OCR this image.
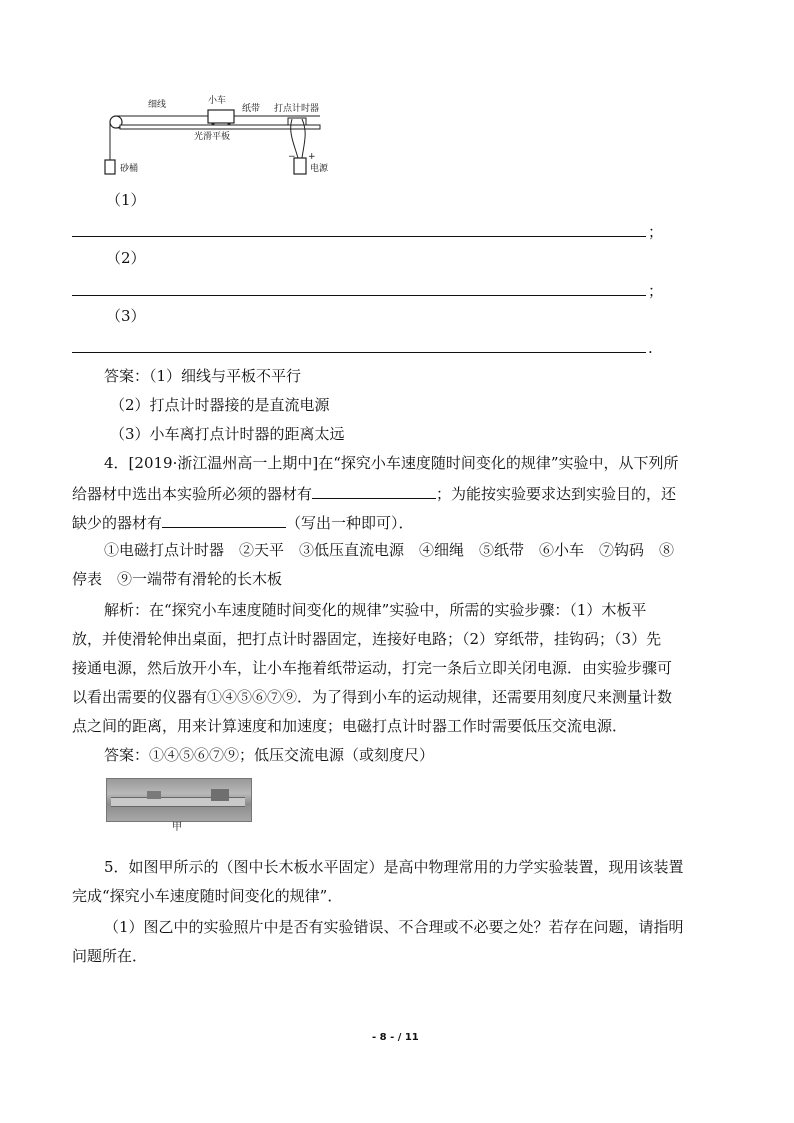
细线	小车
纸带 打点计时器
光滑平板
砂桶	电源
− +
（1）
；
（2）
；
（3）
.
答案：（1）细线与平板不平行
（2）打点计时器接的是直流电源
（3）小车离打点计时器的距离太远
4．[2019·浙江温州高一上期中]在“探究小车速度随时间变化的规律”实验中，从下列所
给器材中选出本实验所必须的器材有	；为能按实验要求达到实验目的，还
缺少的器材有	（写出一种即可）．
①电磁打点计时器　②天平　③低压直流电源　④细绳　⑤纸带　⑥小车　⑦钩码　⑧
停表　⑨一端带有滑轮的长木板
解析：在“探究小车速度随时间变化的规律”实验中，所需的实验步骤：（1）木板平
放，并使滑轮伸出桌面，把打点计时器固定，连接好电路；（2）穿纸带，挂钩码；（3）先
接通电源，然后放开小车，让小车拖着纸带运动，打完一条后立即关闭电源．由实验步骤可
以看出需要的仪器有①④⑤⑥⑦⑨．为了得到小车的运动规律，还需要用刻度尺来测量计数
点之间的距离，用来计算速度和加速度；电磁打点计时器工作时需要低压交流电源．
答案：①④⑤⑥⑦⑨；低压交流电源（或刻度尺）
甲
5．如图甲所示的（图中长木板水平固定）是高中物理常用的力学实验装置，现用该装置
完成“探究小车速度随时间变化的规律”．
（1）图乙中的实验照片中是否有实验错误、不合理或不必要之处？若存在问题，请指明
问题所在．
- 8 - / 11
